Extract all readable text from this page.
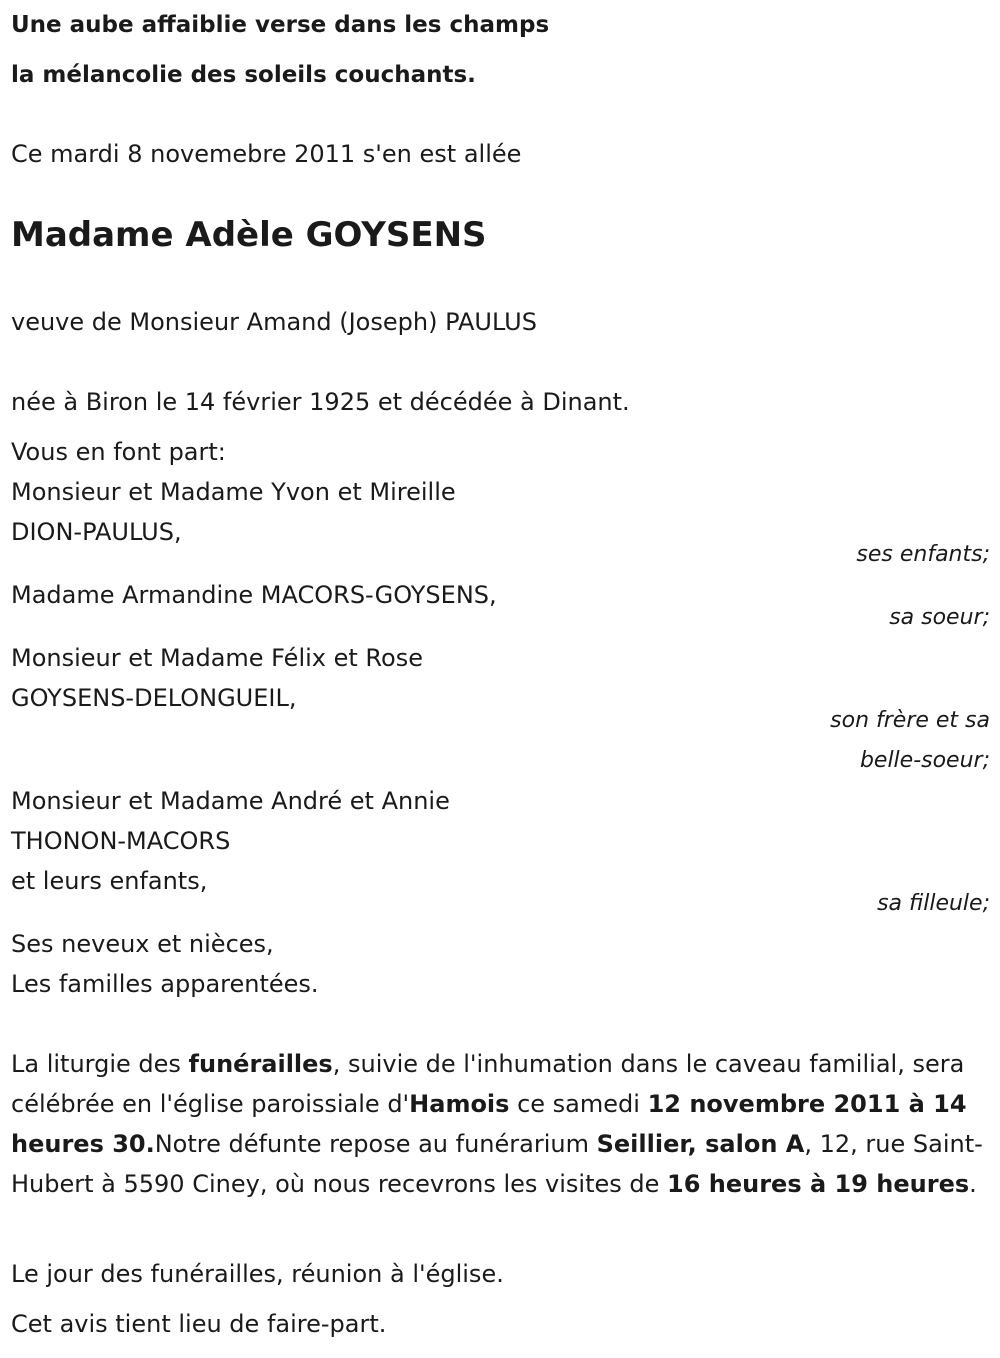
Une aube affaiblie verse dans les champs
la mélancolie des soleils couchants.
Ce mardi 8 novemebre 2011 s'en est allée
Madame Adèle GOYSENS
veuve de Monsieur Amand (Joseph) PAULUS
née à Biron le 14 février 1925 et décédée à Dinant.
Vous en font part:
Monsieur et Madame Yvon et Mireille
DION-PAULUS,
ses enfants;
Madame Armandine MACORS-GOYSENS,
sa soeur;
Monsieur et Madame Félix et Rose
GOYSENS-DELONGUEIL,
son frère et sa
belle-soeur;
Monsieur et Madame André et Annie
THONON-MACORS
et leurs enfants,
sa filleule;
Ses neveux et nièces,
Les familles apparentées.
La liturgie des funérailles, suivie de l'inhumation dans le caveau familial, sera célébrée en l'église paroissiale d'Hamois ce samedi 12 novembre 2011 à 14 heures 30.Notre défunte repose au funérarium Seillier, salon A, 12, rue Saint-Hubert à 5590 Ciney, où nous recevrons les visites de 16 heures à 19 heures.
Le jour des funérailles, réunion à l'église.
Cet avis tient lieu de faire-part.
